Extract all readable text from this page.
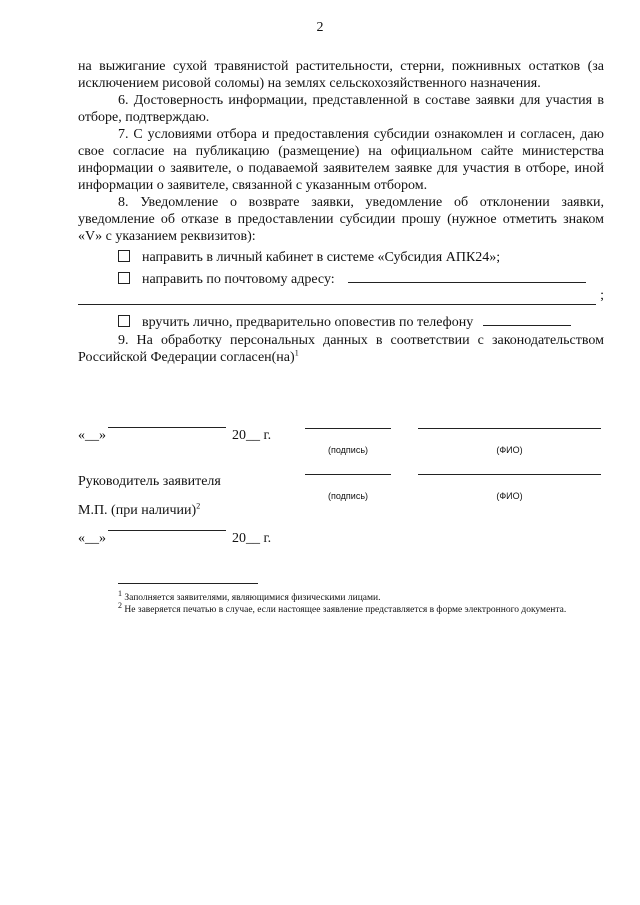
2

на выжигание сухой травянистой растительности, стерни, пожнивных остатков (за исключением рисовой соломы) на землях сельскохозяйственного назначения.

6. Достоверность информации, представленной в составе заявки для участия в отборе, подтверждаю.

7. С условиями отбора и предоставления субсидии ознакомлен и согласен, даю свое согласие на публикацию (размещение) на официальном сайте министерства информации о заявителе, о подаваемой заявителем заявке для участия в отборе, иной информации о заявителе, связанной с указанным отбором.

8. Уведомление о возврате заявки, уведомление об отклонении заявки, уведомление об отказе в предоставлении субсидии прошу (нужное отметить знаком «V» с указанием реквизитов):

направить в личный кабинет в системе «Субсидия АПК24»;
направить по почтовому адресу:
;
вручить лично, предварительно оповестив по телефону

9. На обработку персональных данных в соответствии с законодательством Российской Федерации согласен(на)$^1$

«__»	20__ г.
(подпись)	(ФИО)
Руководитель заявителя
(подпись)	(ФИО)
М.П. (при наличии)$^2$
«__»	20__ г.
$^1$ Заполняется заявителями, являющимися физическими лицами.
$^2$ Не заверяется печатью в случае, если настоящее заявление представляется в форме электронного документа.
